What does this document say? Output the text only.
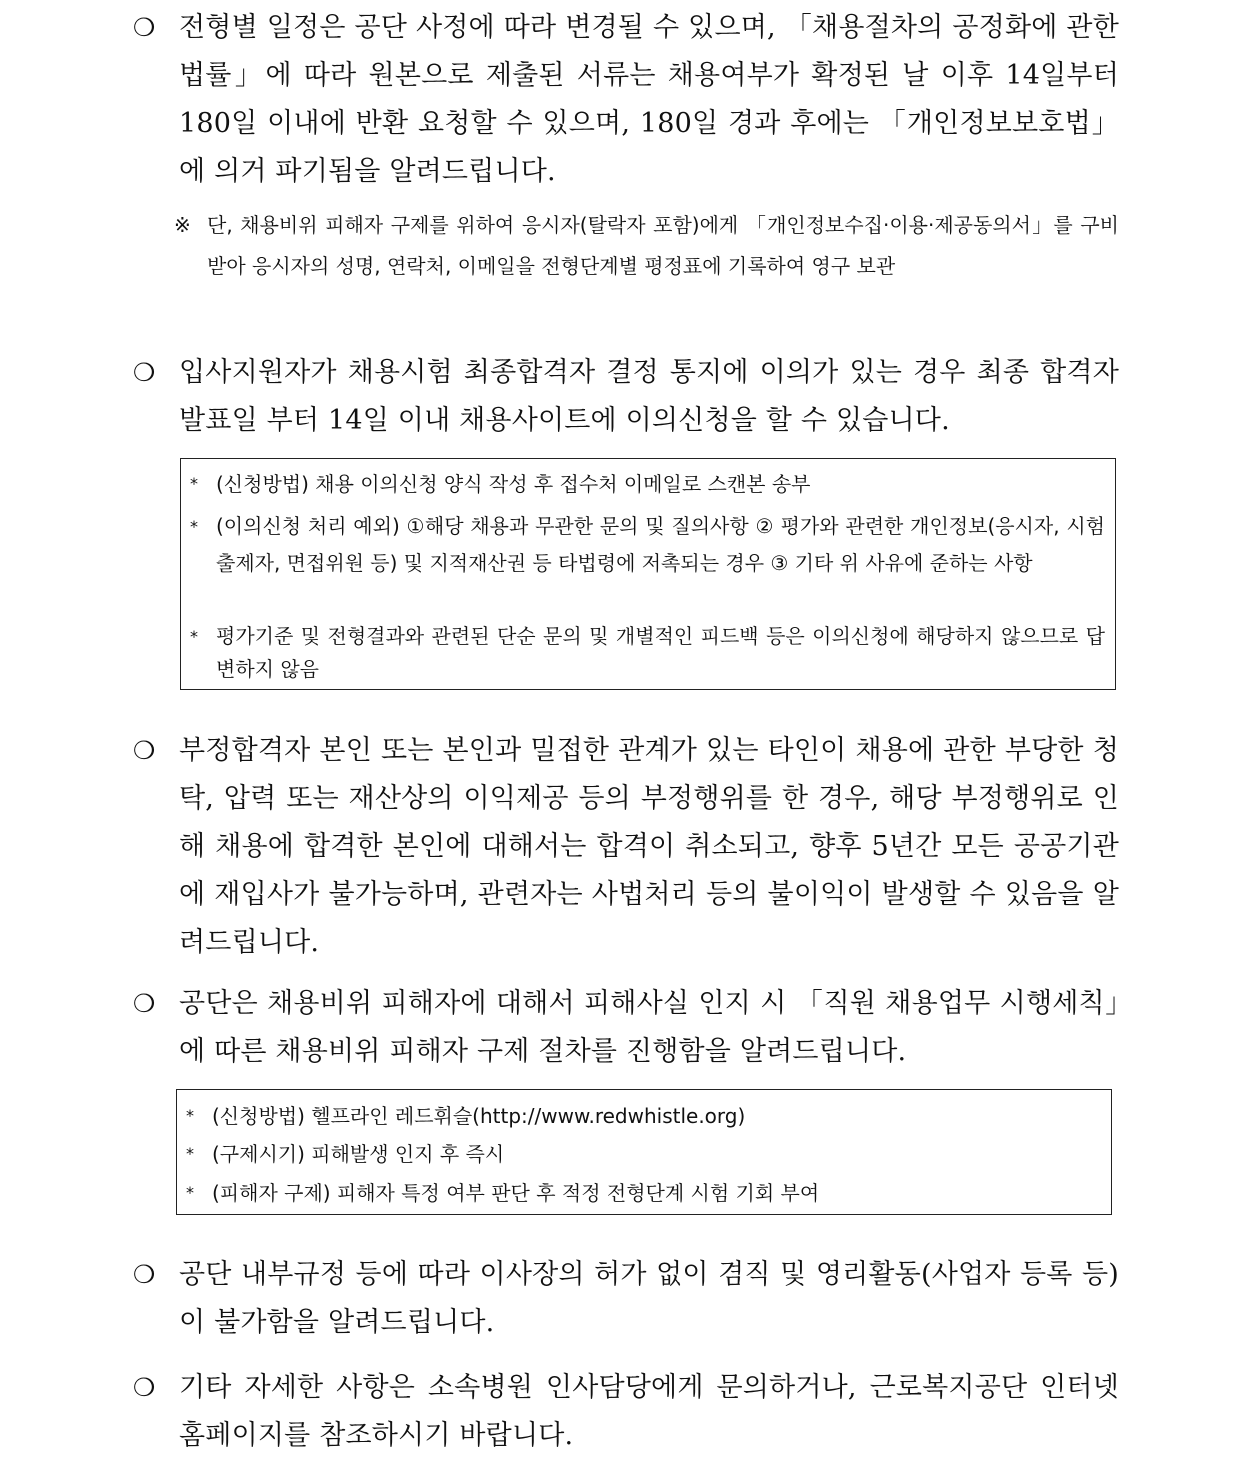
❍ 전형별 일정은 공단 사정에 따라 변경될 수 있으며, 「채용절차의 공정화에 관한 법률」에 따라 원본으로 제출된 서류는 채용여부가 확정된 날 이후 14일부터 180일 이내에 반환 요청할 수 있으며, 180일 경과 후에는 「개인정보보호법」에 의거 파기됨을 알려드립니다.
※ 단, 채용비위 피해자 구제를 위하여 응시자(탈락자 포함)에게 「개인정보수집·이용·제공동의서」를 구비받아 응시자의 성명, 연락처, 이메일을 전형단계별 평정표에 기록하여 영구 보관
❍ 입사지원자가 채용시험 최종합격자 결정 통지에 이의가 있는 경우 최종 합격자 발표일 부터 14일 이내 채용사이트에 이의신청을 할 수 있습니다.
* (신청방법) 채용 이의신청 양식 작성 후 접수처 이메일로 스캔본 송부
* (이의신청 처리 예외) ①해당 채용과 무관한 문의 및 질의사항 ② 평가와 관련한 개인정보(응시자, 시험출제자, 면접위원 등) 및 지적재산권 등 타법령에 저촉되는 경우 ③ 기타 위 사유에 준하는 사항
* 평가기준 및 전형결과와 관련된 단순 문의 및 개별적인 피드백 등은 이의신청에 해당하지 않으므로 답변하지 않음
❍ 부정합격자 본인 또는 본인과 밀접한 관계가 있는 타인이 채용에 관한 부당한 청탁, 압력 또는 재산상의 이익제공 등의 부정행위를 한 경우, 해당 부정행위로 인해 채용에 합격한 본인에 대해서는 합격이 취소되고, 향후 5년간 모든 공공기관에 재입사가 불가능하며, 관련자는 사법처리 등의 불이익이 발생할 수 있음을 알려드립니다.
❍ 공단은 채용비위 피해자에 대해서 피해사실 인지 시 「직원 채용업무 시행세칙」에 따른 채용비위 피해자 구제 절차를 진행함을 알려드립니다.
* (신청방법) 헬프라인 레드휘슬(http://www.redwhistle.org)
* (구제시기) 피해발생 인지 후 즉시
* (피해자 구제) 피해자 특정 여부 판단 후 적정 전형단계 시험 기회 부여
❍ 공단 내부규정 등에 따라 이사장의 허가 없이 겸직 및 영리활동(사업자 등록 등)이 불가함을 알려드립니다.
❍ 기타 자세한 사항은 소속병원 인사담당에게 문의하거나, 근로복지공단 인터넷 홈페이지를 참조하시기 바랍니다.
